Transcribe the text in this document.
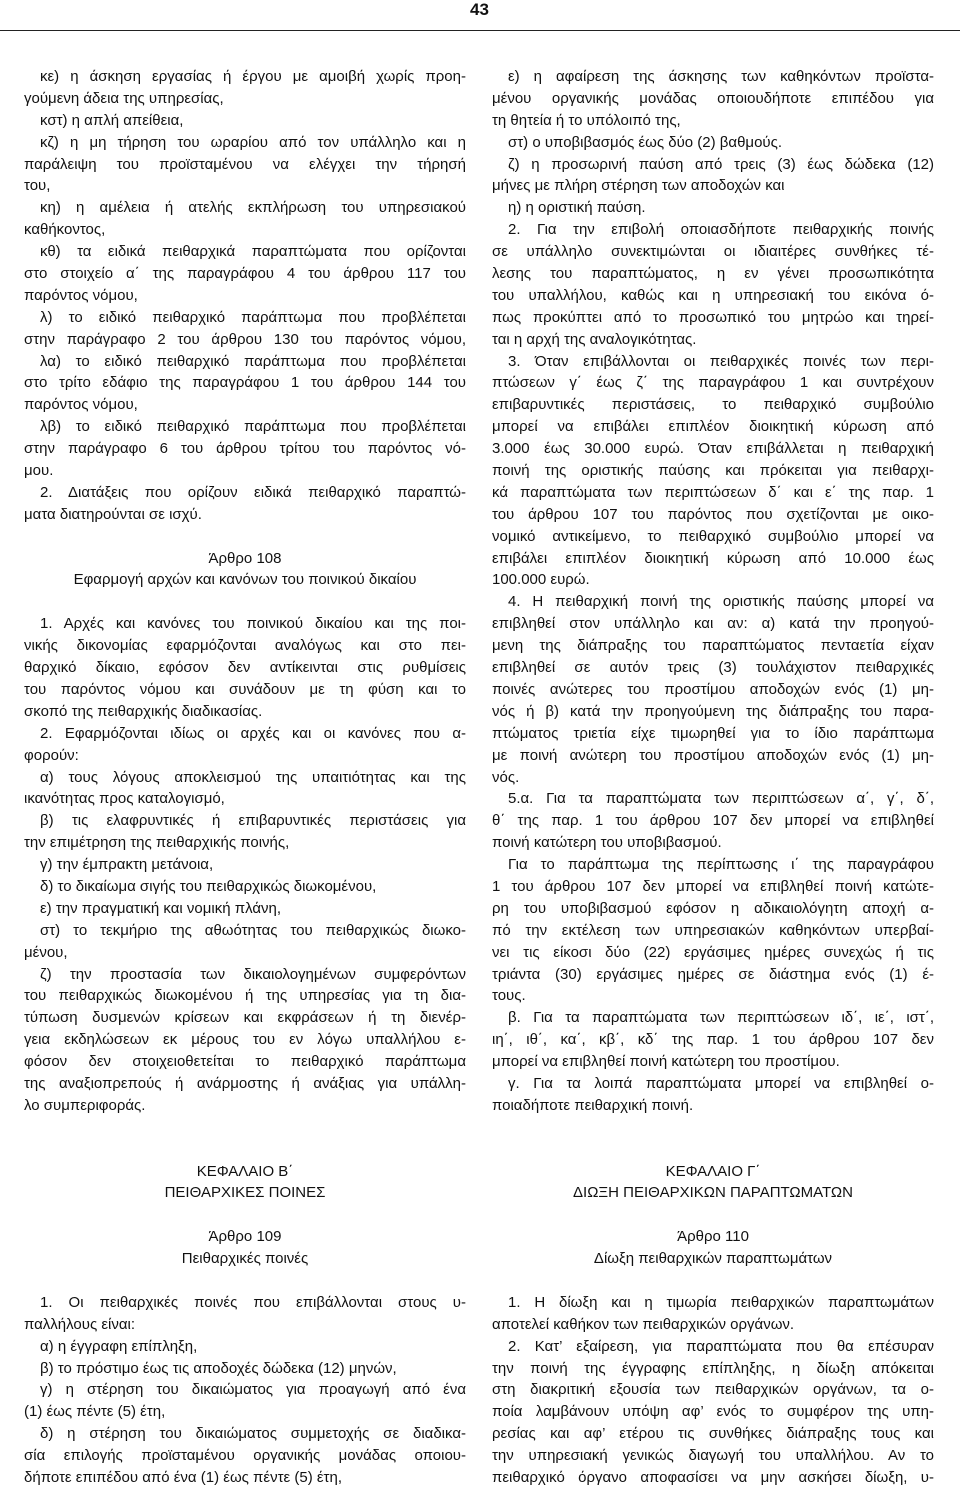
43
κε) η άσκηση εργασίας ή έργου με αμοιβή χωρίς προη-
γούμενη άδεια της υπηρεσίας,
κστ) η απλή απείθεια,
κζ) η μη τήρηση του ωραρίου από τον υπάλληλο και η
παράλειψη του προϊσταμένου να ελέγχει την τήρησή
του,
κη) η αμέλεια ή ατελής εκπλήρωση του υπηρεσιακού
καθήκοντος,
κθ) τα ειδικά πειθαρχικά παραπτώματα που ορίζονται
στο στοιχείο α΄ της παραγράφου 4 του άρθρου 117 του
παρόντος νόμου,
λ) το ειδικό πειθαρχικό παράπτωμα που προβλέπεται
στην παράγραφο 2 του άρθρου 130 του παρόντος νόμου,
λα) το ειδικό πειθαρχικό παράπτωμα που προβλέπεται
στο τρίτο εδάφιο της παραγράφου 1 του άρθρου 144 του
παρόντος νόμου,
λβ) το ειδικό πειθαρχικό παράπτωμα που προβλέπεται
στην παράγραφο 6 του άρθρου τρίτου του παρόντος νό-
μου.
2. Διατάξεις που ορίζουν ειδικά πειθαρχικό παραπτώ-
ματα διατηρούνται σε ισχύ.
Άρθρο 108
Εφαρμογή αρχών και κανόνων του ποινικού δικαίου
1. Αρχές και κανόνες του ποινικού δικαίου και της ποι-
νικής δικονομίας εφαρμόζονται αναλόγως και στο πει-
θαρχικό δίκαιο, εφόσον δεν αντίκεινται στις ρυθμίσεις
του παρόντος νόμου και συνάδουν με τη φύση και το
σκοπό της πειθαρχικής διαδικασίας.
2. Εφαρμόζονται ιδίως οι αρχές και οι κανόνες που α-
φορούν:
α) τους λόγους αποκλεισμού της υπαιτιότητας και της
ικανότητας προς καταλογισμό,
β) τις ελαφρυντικές ή επιβαρυντικές περιστάσεις για
την επιμέτρηση της πειθαρχικής ποινής,
γ) την έμπρακτη μετάνοια,
δ) το δικαίωμα σιγής του πειθαρχικώς διωκομένου,
ε) την πραγματική και νομική πλάνη,
στ) το τεκμήριο της αθωότητας του πειθαρχικώς διωκο-
μένου,
ζ) την προστασία των δικαιολογημένων συμφερόντων
του πειθαρχικώς διωκομένου ή της υπηρεσίας για τη δια-
τύπωση δυσμενών κρίσεων και εκφράσεων ή τη διενέρ-
γεια εκδηλώσεων εκ μέρους του εν λόγω υπαλλήλου ε-
φόσον δεν στοιχειοθετείται το πειθαρχικό παράπτωμα
της αναξιοπρεπούς ή ανάρμοστης ή ανάξιας για υπάλλη-
λο συμπεριφοράς.
ΚΕΦΑΛΑΙΟ Β΄
ΠΕΙΘΑΡΧΙΚΕΣ ΠΟΙΝΕΣ
Άρθρο 109
Πειθαρχικές ποινές
1. Οι πειθαρχικές ποινές που επιβάλλονται στους υ-
παλλήλους είναι:
α) η έγγραφη επίπληξη,
β) το πρόστιμο έως τις αποδοχές δώδεκα (12) μηνών,
γ) η στέρηση του δικαιώματος για προαγωγή από ένα
(1) έως πέντε (5) έτη,
δ) η στέρηση του δικαιώματος συμμετοχής σε διαδικα-
σία επιλογής προϊσταμένου οργανικής μονάδας οποιου-
δήποτε επιπέδου από ένα (1) έως πέντε (5) έτη,
ε) η αφαίρεση της άσκησης των καθηκόντων προϊστα-
μένου οργανικής μονάδας οποιουδήποτε επιπέδου για
τη θητεία ή το υπόλοιπό της,
στ) ο υποβιβασμός έως δύο (2) βαθμούς.
ζ) η προσωρινή παύση από τρεις (3) έως δώδεκα (12)
μήνες με πλήρη στέρηση των αποδοχών και
η) η οριστική παύση.
2. Για την επιβολή οποιασδήποτε πειθαρχικής ποινής
σε υπάλληλο συνεκτιμώνται οι ιδιαιτέρες συνθήκες τέ-
λεσης του παραπτώματος, η εν γένει προσωπικότητα
του υπαλλήλου, καθώς και η υπηρεσιακή του εικόνα ό-
πως προκύπτει από το προσωπικό του μητρώο και τηρεί-
ται η αρχή της αναλογικότητας.
3. Όταν επιβάλλονται οι πειθαρχικές ποινές των περι-
πτώσεων γ΄ έως ζ΄ της παραγράφου 1 και συντρέχουν
επιβαρυντικές περιστάσεις, το πειθαρχικό συμβούλιο
μπορεί να επιβάλει επιπλέον διοικητική κύρωση από
3.000 έως 30.000 ευρώ. Όταν επιβάλλεται η πειθαρχική
ποινή της οριστικής παύσης και πρόκειται για πειθαρχι-
κά παραπτώματα των περιπτώσεων δ΄ και ε΄ της παρ. 1
του άρθρου 107 του παρόντος που σχετίζονται με οικο-
νομικό αντικείμενο, το πειθαρχικό συμβούλιο μπορεί να
επιβάλει επιπλέον διοικητική κύρωση από 10.000 έως
100.000 ευρώ.
4. Η πειθαρχική ποινή της οριστικής παύσης μπορεί να
επιβληθεί στον υπάλληλο και αν: α) κατά την προηγού-
μενη της διάπραξης του παραπτώματος πενταετία είχαν
επιβληθεί σε αυτόν τρεις (3) τουλάχιστον πειθαρχικές
ποινές ανώτερες του προστίμου αποδοχών ενός (1) μη-
νός ή β) κατά την προηγούμενη της διάπραξης του παρα-
πτώματος τριετία είχε τιμωρηθεί για το ίδιο παράπτωμα
με ποινή ανώτερη του προστίμου αποδοχών ενός (1) μη-
νός.
5.α. Για τα παραπτώματα των περιπτώσεων α΄, γ΄, δ΄,
θ΄ της παρ. 1 του άρθρου 107 δεν μπορεί να επιβληθεί
ποινή κατώτερη του υποβιβασμού.
Για το παράπτωμα της περίπτωσης ι΄ της παραγράφου
1 του άρθρου 107 δεν μπορεί να επιβληθεί ποινή κατώτε-
ρη του υποβιβασμού εφόσον η αδικαιολόγητη αποχή α-
πό την εκτέλεση των υπηρεσιακών καθηκόντων υπερβαί-
νει τις είκοσι δύο (22) εργάσιμες ημέρες συνεχώς ή τις
τριάντα (30) εργάσιμες ημέρες σε διάστημα ενός (1) έ-
τους.
β. Για τα παραπτώματα των περιπτώσεων ιδ΄, ιε΄, ιστ΄,
ιη΄, ιθ΄, κα΄, κβ΄, κδ΄ της παρ. 1 του άρθρου 107 δεν
μπορεί να επιβληθεί ποινή κατώτερη του προστίμου.
γ. Για τα λοιπά παραπτώματα μπορεί να επιβληθεί ο-
ποιαδήποτε πειθαρχική ποινή.
ΚΕΦΑΛΑΙΟ Γ΄
ΔΙΩΞΗ ΠΕΙΘΑΡΧΙΚΩΝ ΠΑΡΑΠΤΩΜΑΤΩΝ
Άρθρο 110
Δίωξη πειθαρχικών παραπτωμάτων
1. Η δίωξη και η τιμωρία πειθαρχικών παραπτωμάτων
αποτελεί καθήκον των πειθαρχικών οργάνων.
2. Κατ’ εξαίρεση, για παραπτώματα που θα επέσυραν
την ποινή της έγγραφης επίπληξης, η δίωξη απόκειται
στη διακριτική εξουσία των πειθαρχικών οργάνων, τα ο-
ποία λαμβάνουν υπόψη αφ’ ενός το συμφέρον της υπη-
ρεσίας και αφ’ ετέρου τις συνθήκες διάπραξης τους και
την υπηρεσιακή γενικώς διαγωγή του υπαλλήλου. Αν το
πειθαρχικό όργανο αποφασίσει να μην ασκήσει δίωξη, υ-
